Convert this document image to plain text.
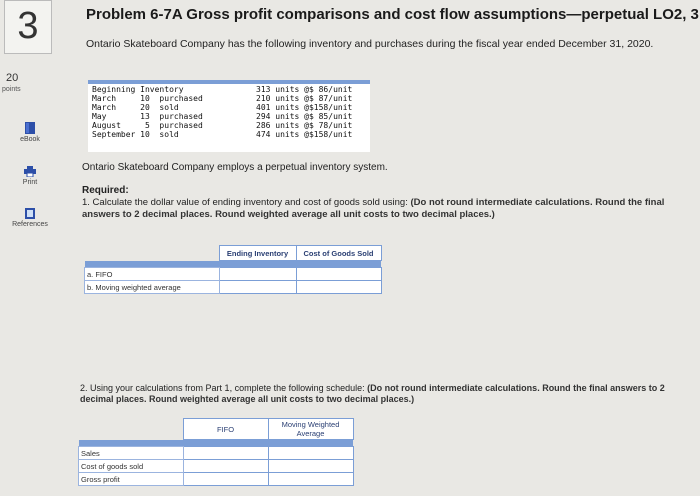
3	Problem 6-7A Gross profit comparisons and cost flow assumptions—perpetual LO2, 3
Ontario Skateboard Company has the following inventory and purchases during the fiscal year ended December 31, 2020.
20
points
eBook
Print
References
Beginning Inventory	313 units @$ 86/unit
March     10  purchased	210 units @$ 87/unit
March     20  sold	401 units @$158/unit
May       13  purchased	294 units @$ 85/unit
August     5  purchased	286 units @$ 78/unit
September 10  sold	474 units @$158/unit
Ontario Skateboard Company employs a perpetual inventory system.
Required:
1. Calculate the dollar value of ending inventory and cost of goods sold using: (Do not round intermediate calculations. Round the final answers to 2 decimal places. Round weighted average all unit costs to two decimal places.)
	Ending Inventory	Cost of Goods Sold

a. FIFO		
b. Moving weighted average		
2. Using your calculations from Part 1, complete the following schedule: (Do not round intermediate calculations. Round the final answers to 2 decimal places. Round weighted average all unit costs to two decimal places.)
	FIFO	Moving Weighted Average

Sales		
Cost of goods sold		
Gross profit		
